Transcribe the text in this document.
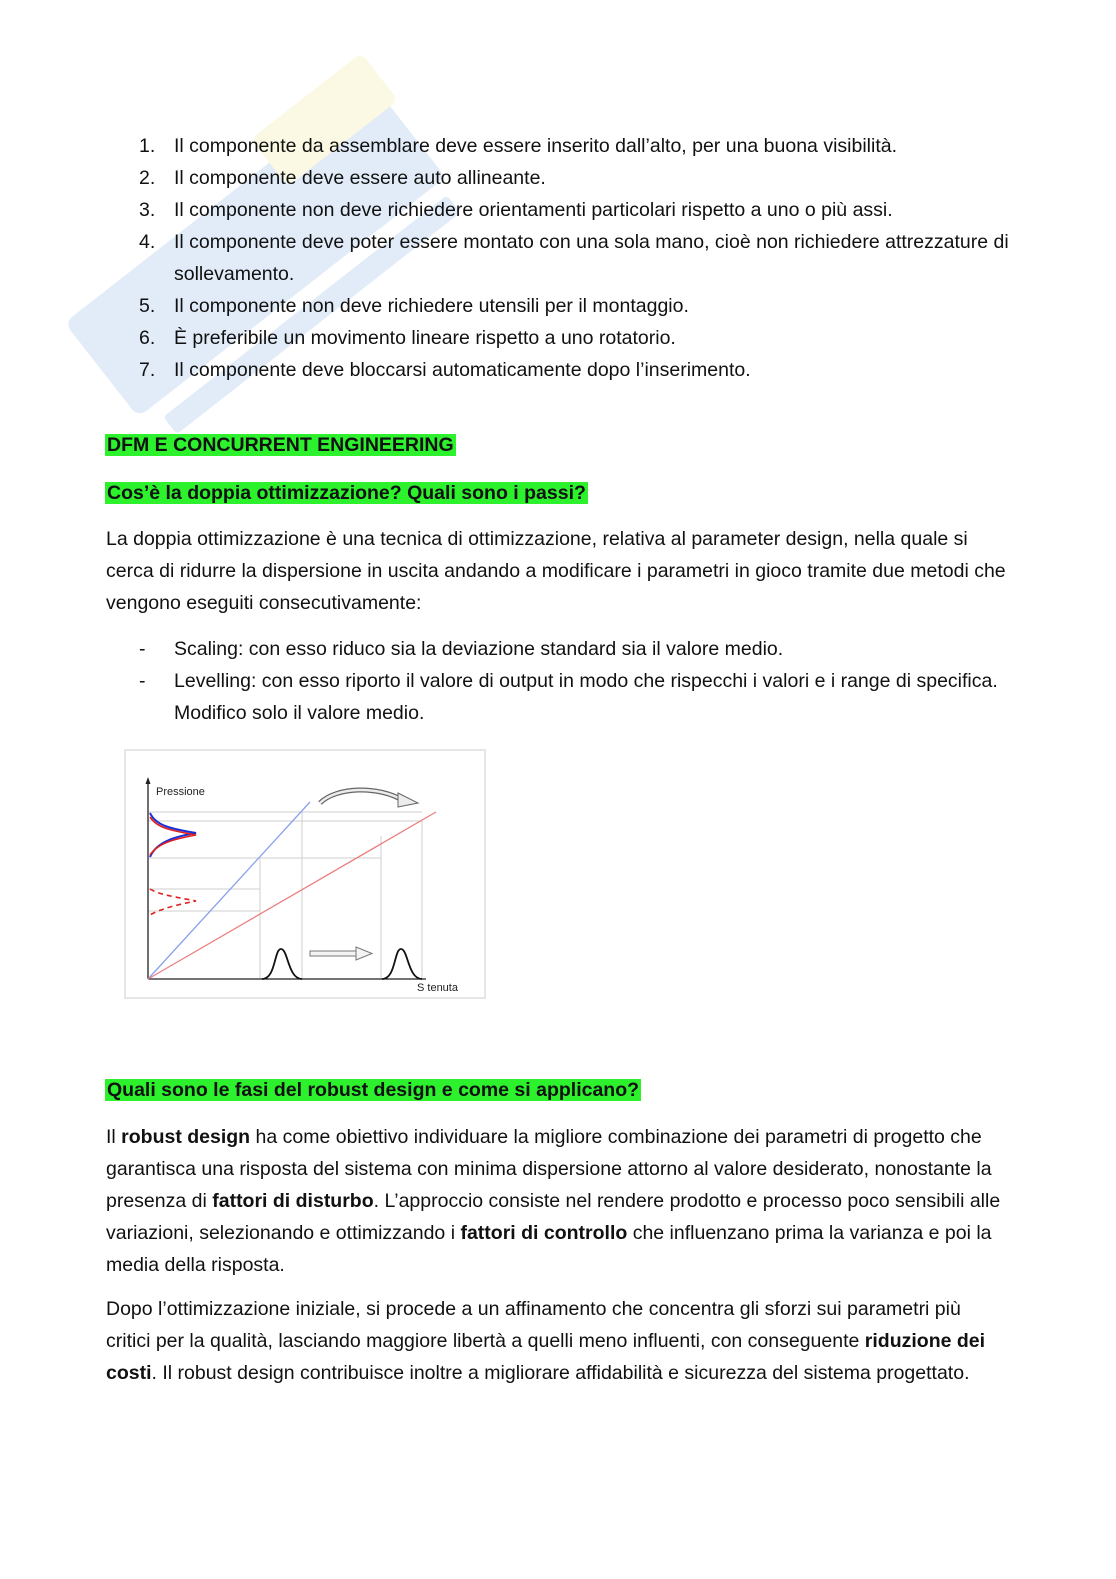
1. Il componente da assemblare deve essere inserito dall’alto, per una buona visibilità.
2. Il componente deve essere auto allineante.
3. Il componente non deve richiedere orientamenti particolari rispetto a uno o più assi.
4. Il componente deve poter essere montato con una sola mano, cioè non richiedere attrezzature di sollevamento.
5. Il componente non deve richiedere utensili per il montaggio.
6. È preferibile un movimento lineare rispetto a uno rotatorio.
7. Il componente deve bloccarsi automaticamente dopo l’inserimento.
DFM E CONCURRENT ENGINEERING
Cos’è la doppia ottimizzazione? Quali sono i passi?

La doppia ottimizzazione è una tecnica di ottimizzazione, relativa al parameter design, nella quale si cerca di ridurre la dispersione in uscita andando a modificare i parametri in gioco tramite due metodi che vengono eseguiti consecutivamente:

- Scaling: con esso riduco sia la deviazione standard sia il valore medio.
- Levelling: con esso riporto il valore di output in modo che rispecchi i valori e i range di specifica. Modifico solo il valore medio.
Pressione
S tenuta
Quali sono le fasi del robust design e come si applicano?

Il robust design ha come obiettivo individuare la migliore combinazione dei parametri di progetto che garantisca una risposta del sistema con minima dispersione attorno al valore desiderato, nonostante la presenza di fattori di disturbo. L’approccio consiste nel rendere prodotto e processo poco sensibili alle variazioni, selezionando e ottimizzando i fattori di controllo che influenzano prima la varianza e poi la media della risposta.

Dopo l’ottimizzazione iniziale, si procede a un affinamento che concentra gli sforzi sui parametri più critici per la qualità, lasciando maggiore libertà a quelli meno influenti, con conseguente riduzione dei costi. Il robust design contribuisce inoltre a migliorare affidabilità e sicurezza del sistema progettato.
